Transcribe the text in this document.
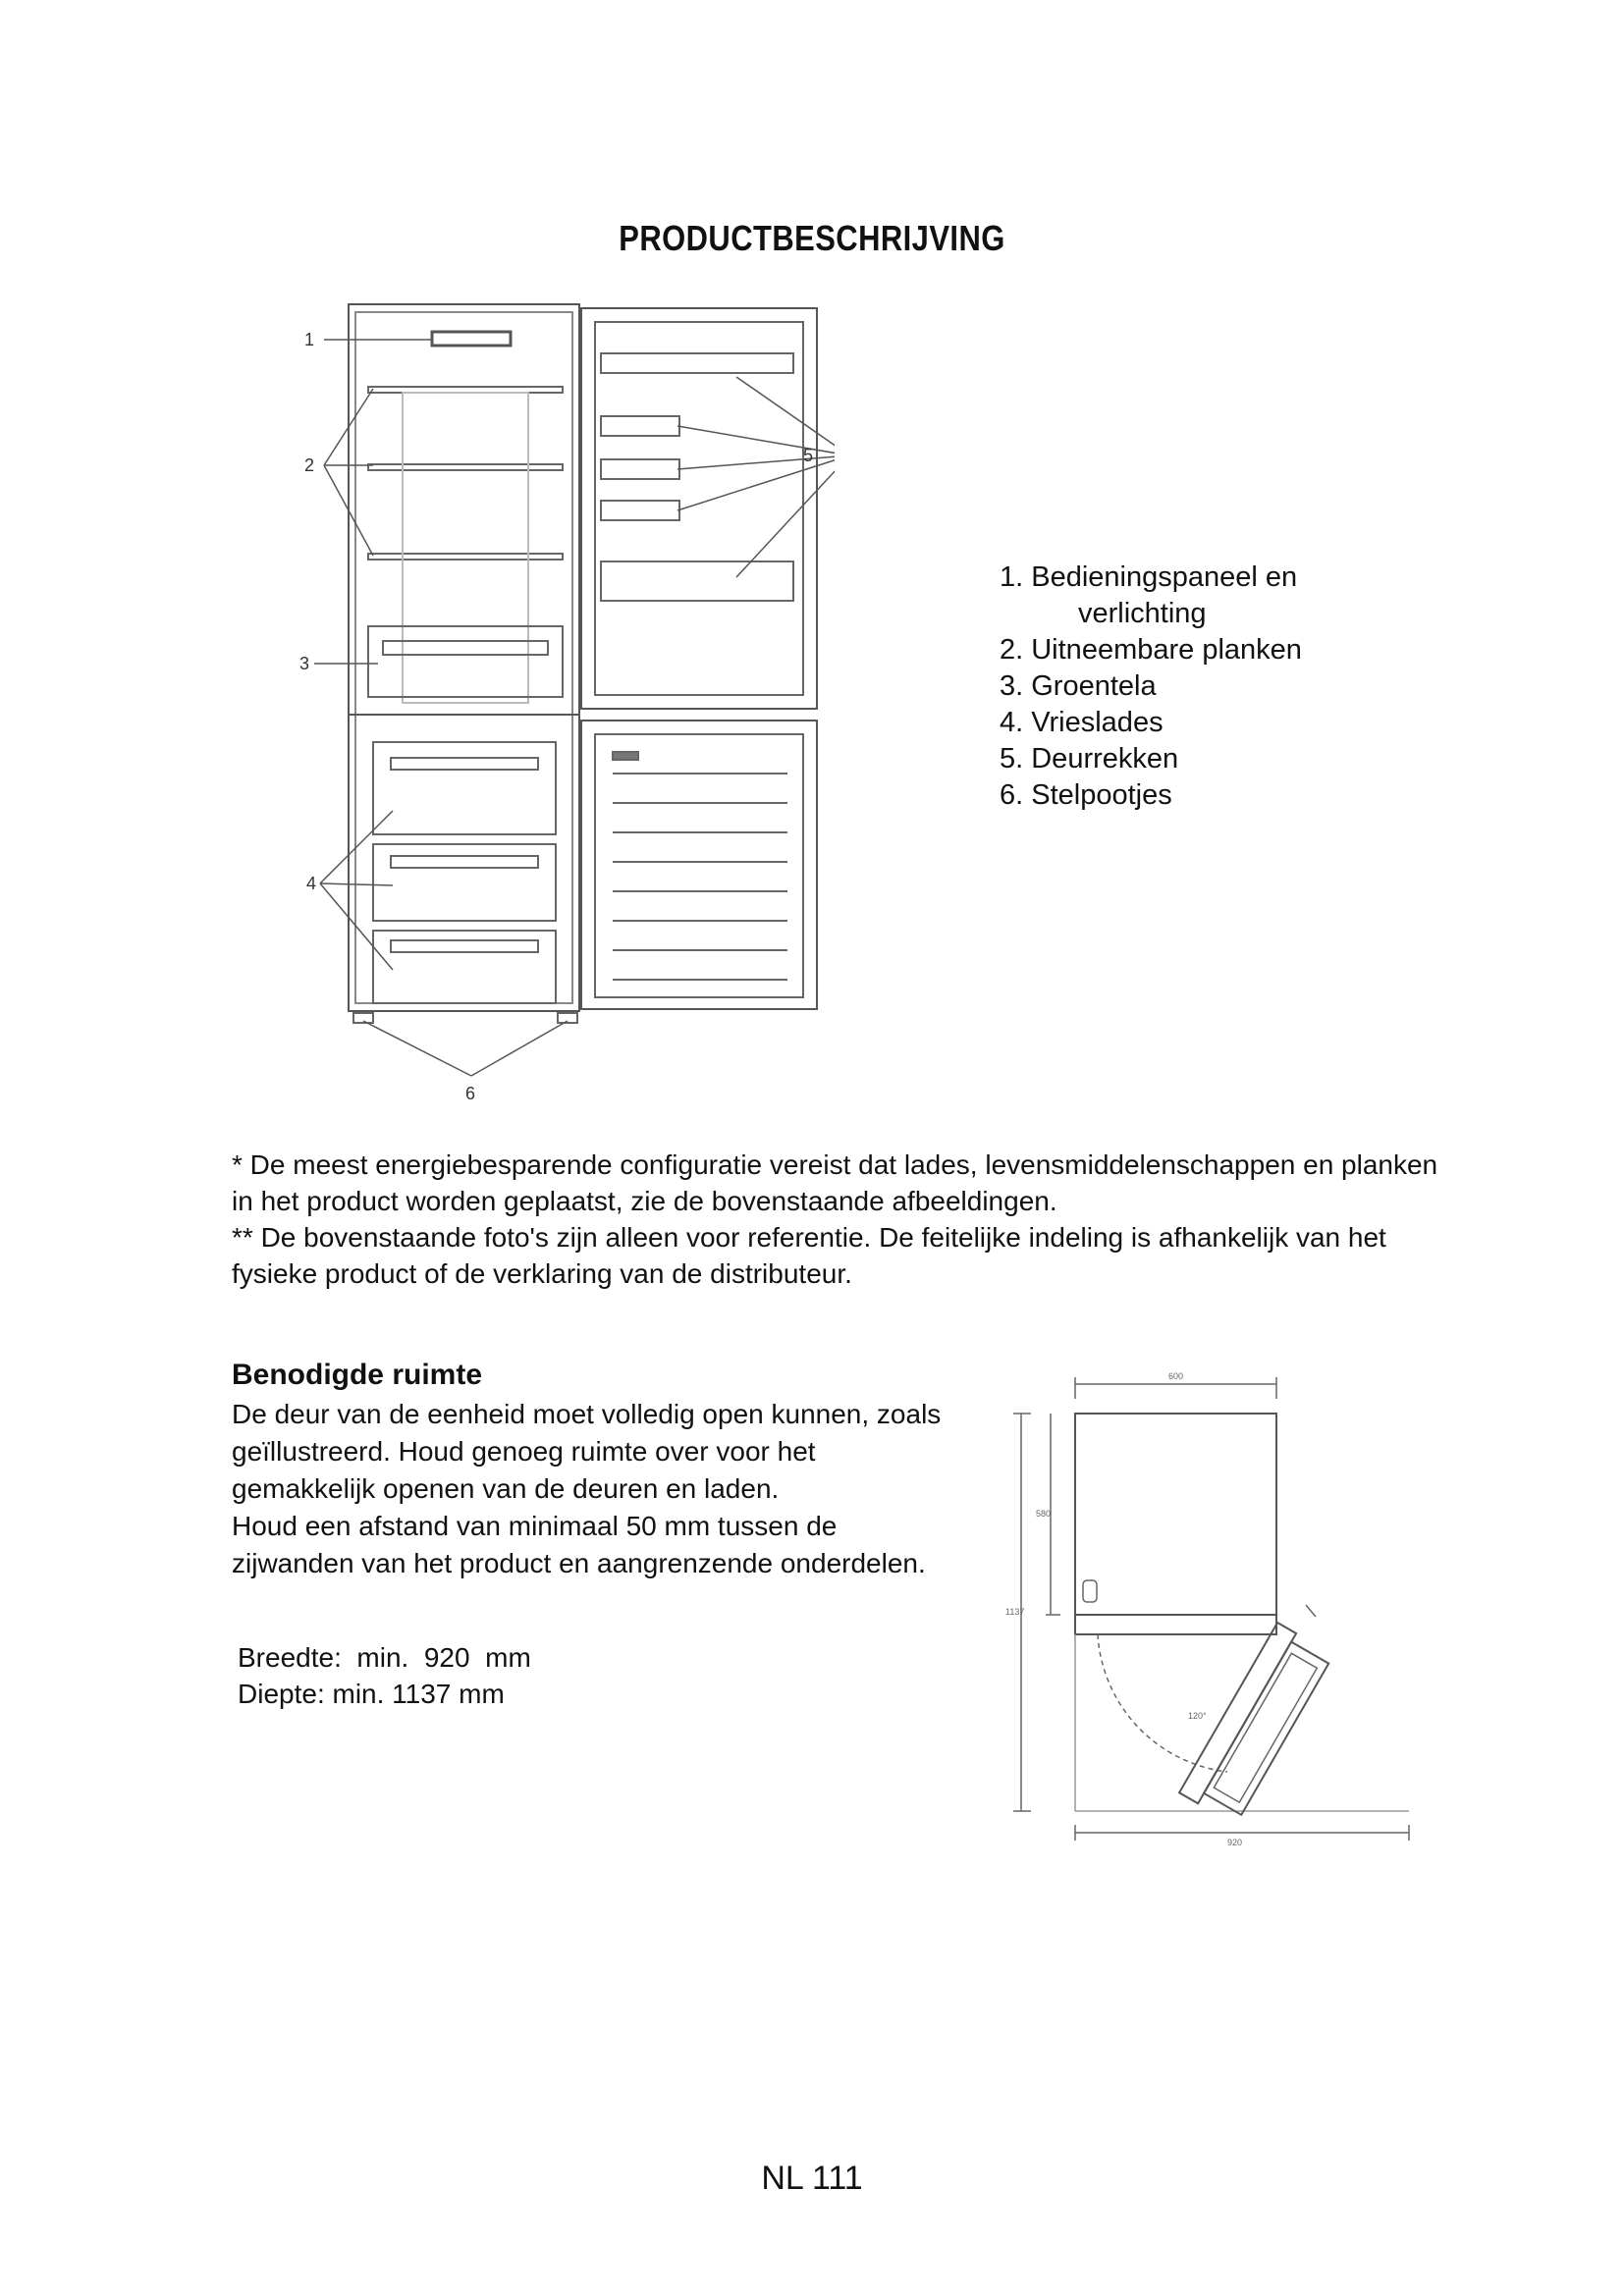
PRODUCTBESCHRIJVING
1
2
3
4
5
6
1. Bedieningspaneel en
verlichting
2. Uitneembare planken
3. Groentela
4. Vrieslades
5. Deurrekken
6. Stelpootjes

* De meest energiebesparende configuratie vereist dat lades, levensmiddelenschappen en planken in het product worden geplaatst, zie de bovenstaande afbeeldingen.

** De bovenstaande foto's zijn alleen voor referentie. De feitelijke indeling is afhankelijk van het fysieke product of de verklaring van de distributeur.

Benodigde ruimte

De deur van de eenheid moet volledig open kunnen, zoals

geïllustreerd. Houd genoeg ruimte over voor het

gemakkelijk openen van de deuren en laden.

Houd een afstand van minimaal 50 mm tussen de

zijwanden van het product en aangrenzende onderdelen.

Breedte:  min.  920  mm

Diepte: min. 1137 mm

600
920
1137
580
120°
NL 111
